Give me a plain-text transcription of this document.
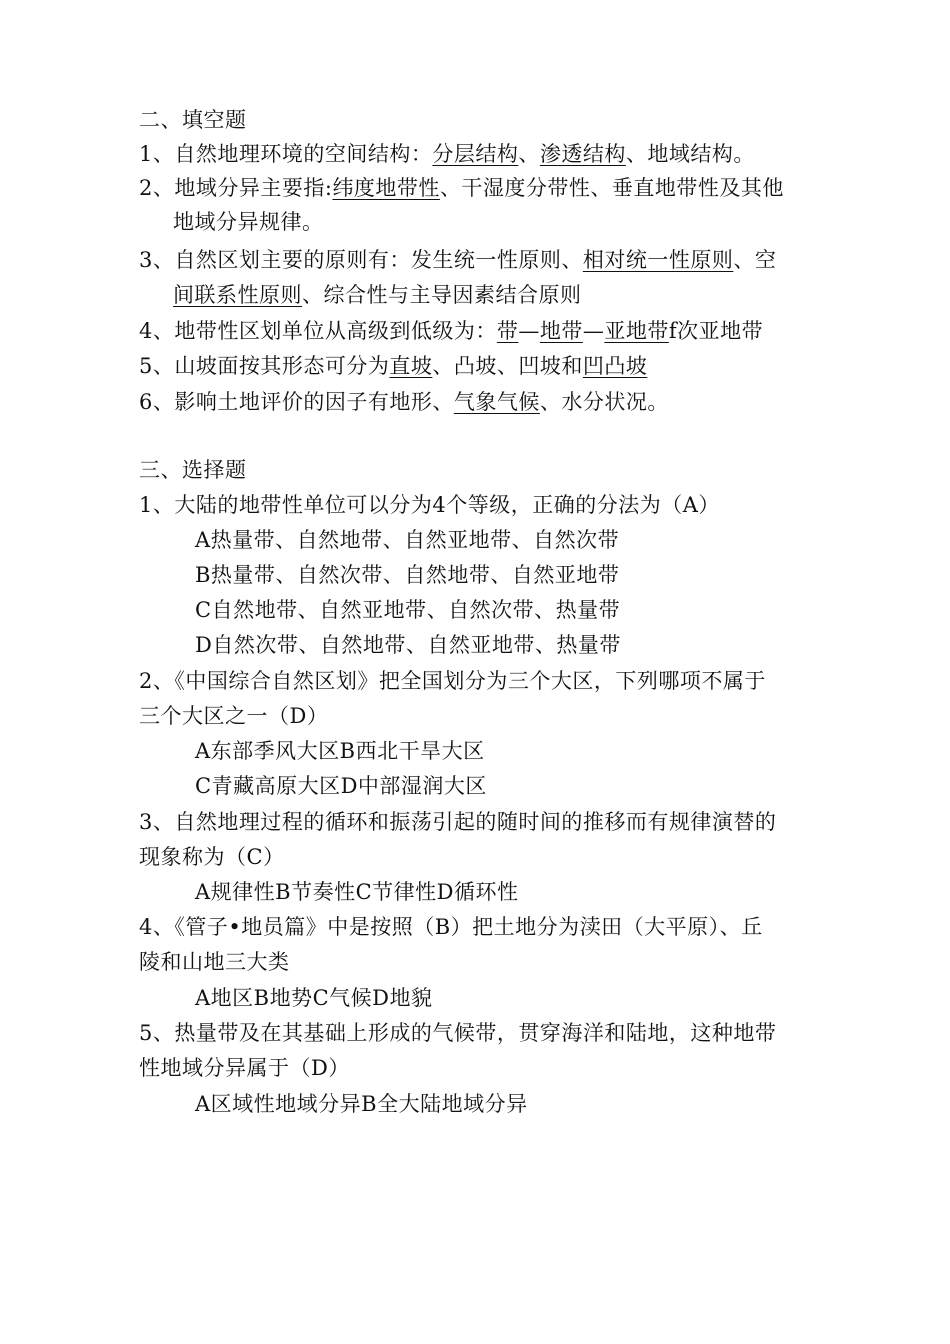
二、填空题
1、自然地理环境的空间结构：分层结构、渗透结构、地域结构。
2、地域分异主要指:纬度地带性、干湿度分带性、垂直地带性及其他
地域分异规律。
3、自然区划主要的原则有：发生统一性原则、相对统一性原则、空
间联系性原则、综合性与主导因素结合原则
4、地带性区划单位从高级到低级为：带—地带—亚地带f次亚地带
5、山坡面按其形态可分为直坡、凸坡、凹坡和凹凸坡
6、影响土地评价的因子有地形、气象气候、水分状况。
三、选择题
1、大陆的地带性单位可以分为4个等级，正确的分法为（A）
A热量带、自然地带、自然亚地带、自然次带
B热量带、自然次带、自然地带、自然亚地带
C自然地带、自然亚地带、自然次带、热量带
D自然次带、自然地带、自然亚地带、热量带
2、《中国综合自然区划》把全国划分为三个大区，下列哪项不属于
三个大区之一（D）
A东部季风大区B西北干旱大区
C青藏高原大区D中部湿润大区
3、自然地理过程的循环和振荡引起的随时间的推移而有规律演替的
现象称为（C）
A规律性B节奏性C节律性D循环性
4、《管子•地员篇》中是按照（B）把土地分为渎田（大平原）、丘
陵和山地三大类
A地区B地势C气候D地貌
5、热量带及在其基础上形成的气候带，贯穿海洋和陆地，这种地带
性地域分异属于（D）
A区域性地域分异B全大陆地域分异
